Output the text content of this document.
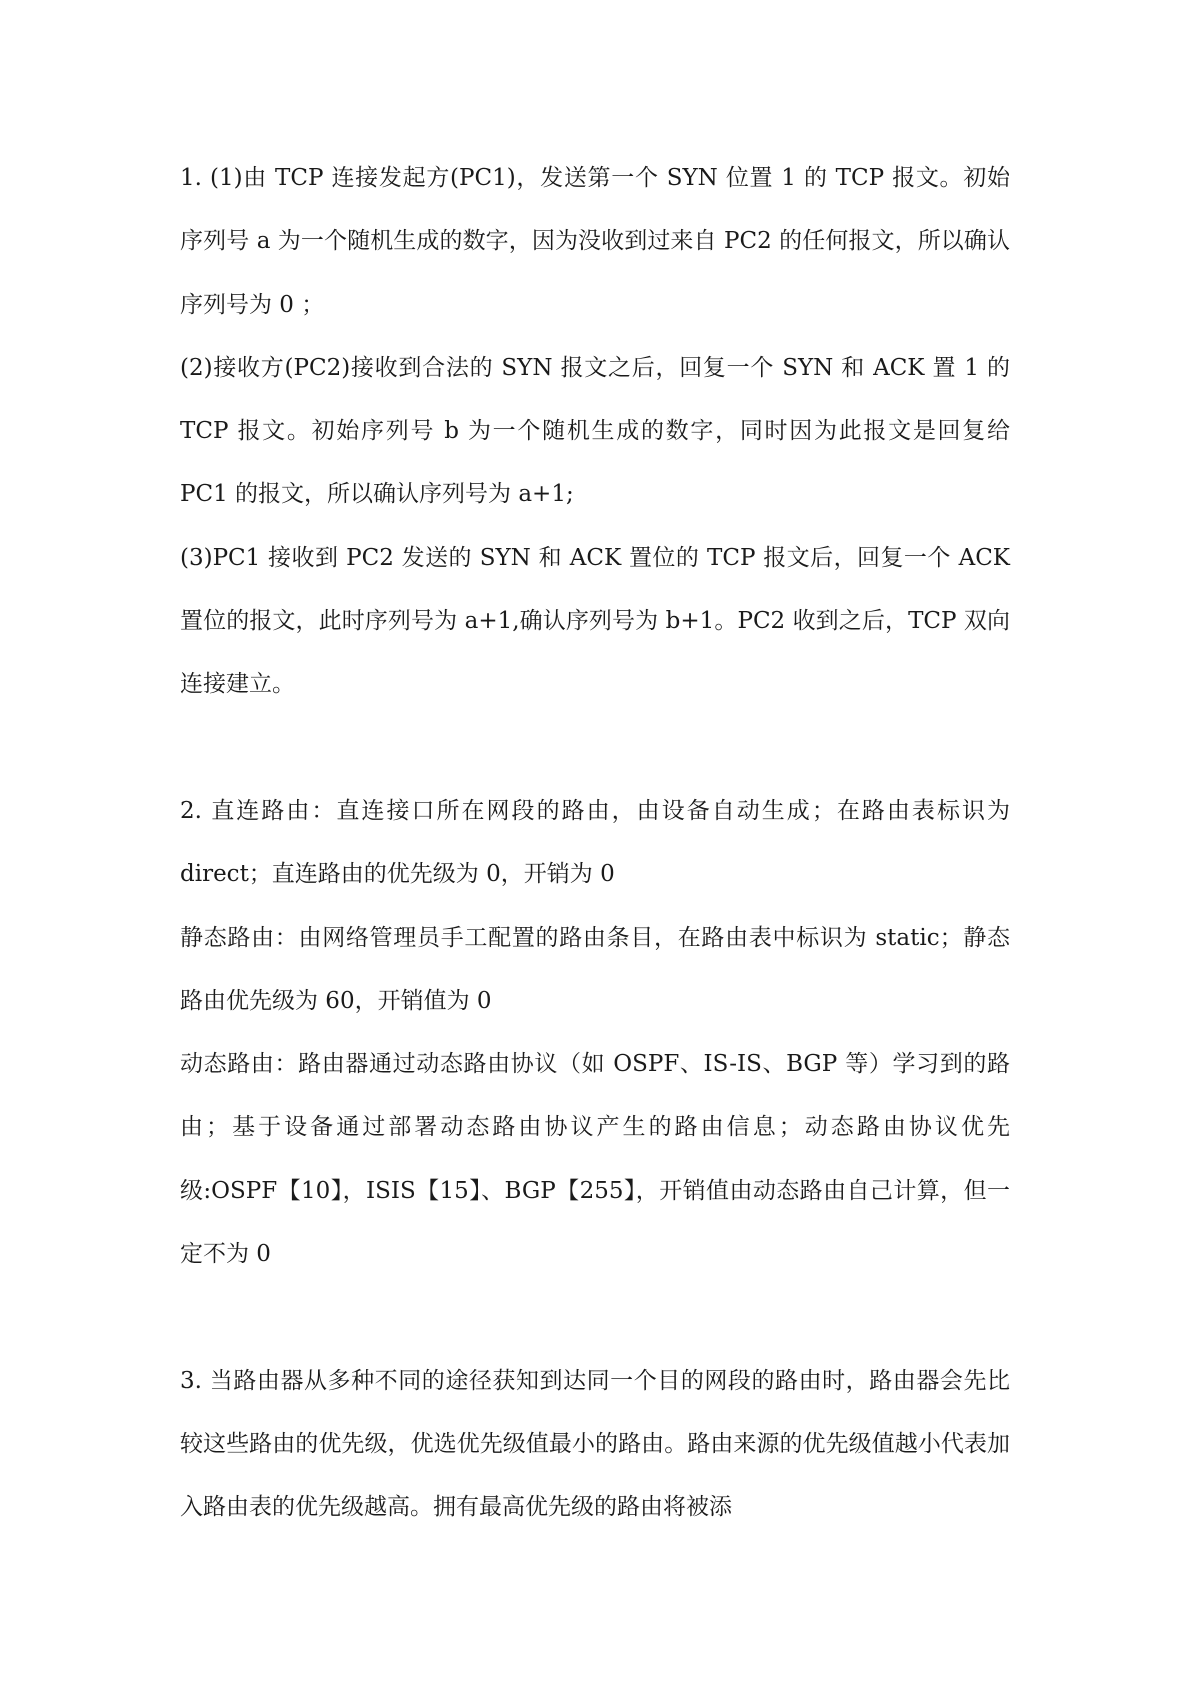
1. (1)由 TCP 连接发起方(PC1)，发送第一个 SYN 位置 1 的 TCP 报文。初始序列号 a 为一个随机生成的数字，因为没收到过来自 PC2 的任何报文，所以确认序列号为 0 ；

(2)接收方(PC2)接收到合法的 SYN 报文之后，回复一个 SYN 和 ACK 置 1 的 TCP 报文。初始序列号 b 为一个随机生成的数字，同时因为此报文是回复给 PC1 的报文，所以确认序列号为 a+1;

(3)PC1 接收到 PC2 发送的 SYN 和 ACK 置位的 TCP 报文后，回复一个 ACK 置位的报文，此时序列号为 a+1,确认序列号为 b+1。PC2 收到之后，TCP 双向连接建立。

2. 直连路由：直连接口所在网段的路由，由设备自动生成；在路由表标识为 direct；直连路由的优先级为 0，开销为 0

静态路由：由网络管理员手工配置的路由条目，在路由表中标识为 static；静态路由优先级为 60，开销值为 0

动态路由：路由器通过动态路由协议（如 OSPF、IS-IS、BGP 等）学习到的路由；基于设备通过部署动态路由协议产生的路由信息；动态路由协议优先级:OSPF【10】，ISIS【15】、BGP【255】，开销值由动态路由自己计算，但一定不为 0

3. 当路由器从多种不同的途径获知到达同一个目的网段的路由时，路由器会先比较这些路由的优先级，优选优先级值最小的路由。路由来源的优先级值越小代表加入路由表的优先级越高。拥有最高优先级的路由将被添
